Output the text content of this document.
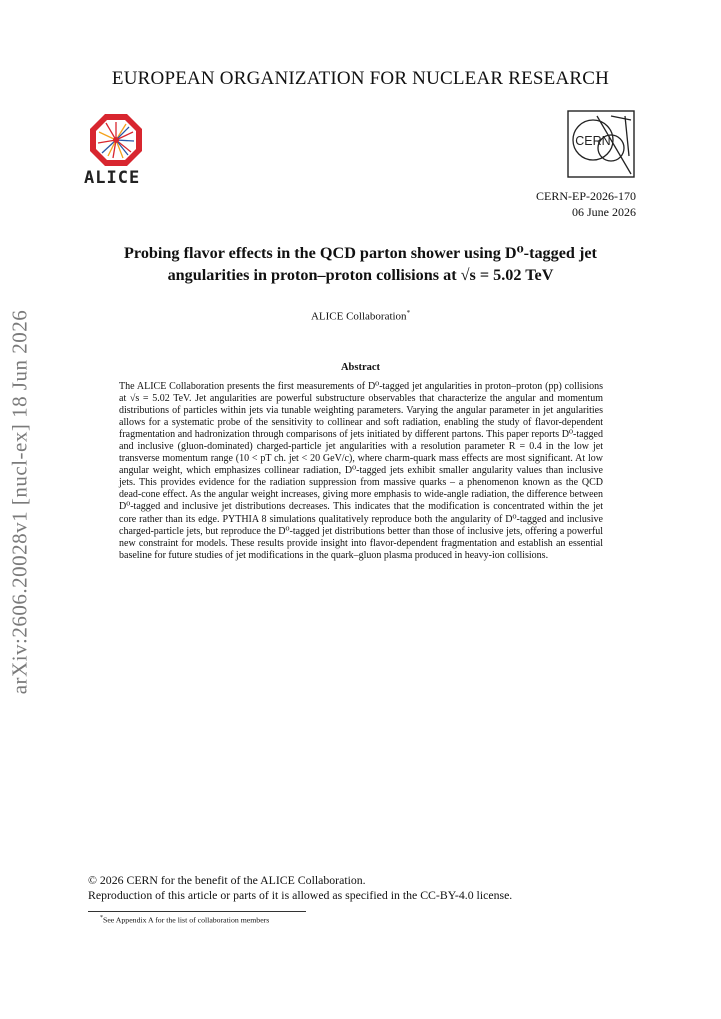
EUROPEAN ORGANIZATION FOR NUCLEAR RESEARCH
ALICE
CERN
CERN-EP-2026-170
06 June 2026
Probing flavor effects in the QCD parton shower using D⁰-tagged jet
angularities in proton–proton collisions at √s = 5.02 TeV
ALICE Collaboration*
Abstract
The ALICE Collaboration presents the first measurements of D⁰-tagged jet angularities in proton–proton (pp) collisions at √s = 5.02 TeV. Jet angularities are powerful substructure observables that characterize the angular and momentum distributions of particles within jets via tunable weighting parameters. Varying the angular parameter in jet angularities allows for a systematic probe of the sensitivity to collinear and soft radiation, enabling the study of flavor-dependent fragmentation and hadronization through comparisons of jets initiated by different partons. This paper reports D⁰-tagged and inclusive (gluon-dominated) charged-particle jet angularities with a resolution parameter R = 0.4 in the low jet transverse momentum range (10 < pT ch. jet < 20 GeV/c), where charm-quark mass effects are most significant. At low angular weight, which emphasizes collinear radiation, D⁰-tagged jets exhibit smaller angularity values than inclusive jets. This provides evidence for the radiation suppression from massive quarks – a phenomenon known as the QCD dead-cone effect. As the angular weight increases, giving more emphasis to wide-angle radiation, the difference between D⁰-tagged and inclusive jet distributions decreases. This indicates that the modification is concentrated within the jet core rather than its edge. PYTHIA 8 simulations qualitatively reproduce both the angularity of D⁰-tagged and inclusive charged-particle jets, but reproduce the D⁰-tagged jet distributions better than those of inclusive jets, offering a powerful new constraint for models. These results provide insight into flavor-dependent fragmentation and establish an essential baseline for future studies of jet modifications in the quark–gluon plasma produced in heavy-ion collisions.
arXiv:2606.20028v1 [nucl-ex] 18 Jun 2026
© 2026 CERN for the benefit of the ALICE Collaboration.
Reproduction of this article or parts of it is allowed as specified in the CC-BY-4.0 license.
*See Appendix A for the list of collaboration members
